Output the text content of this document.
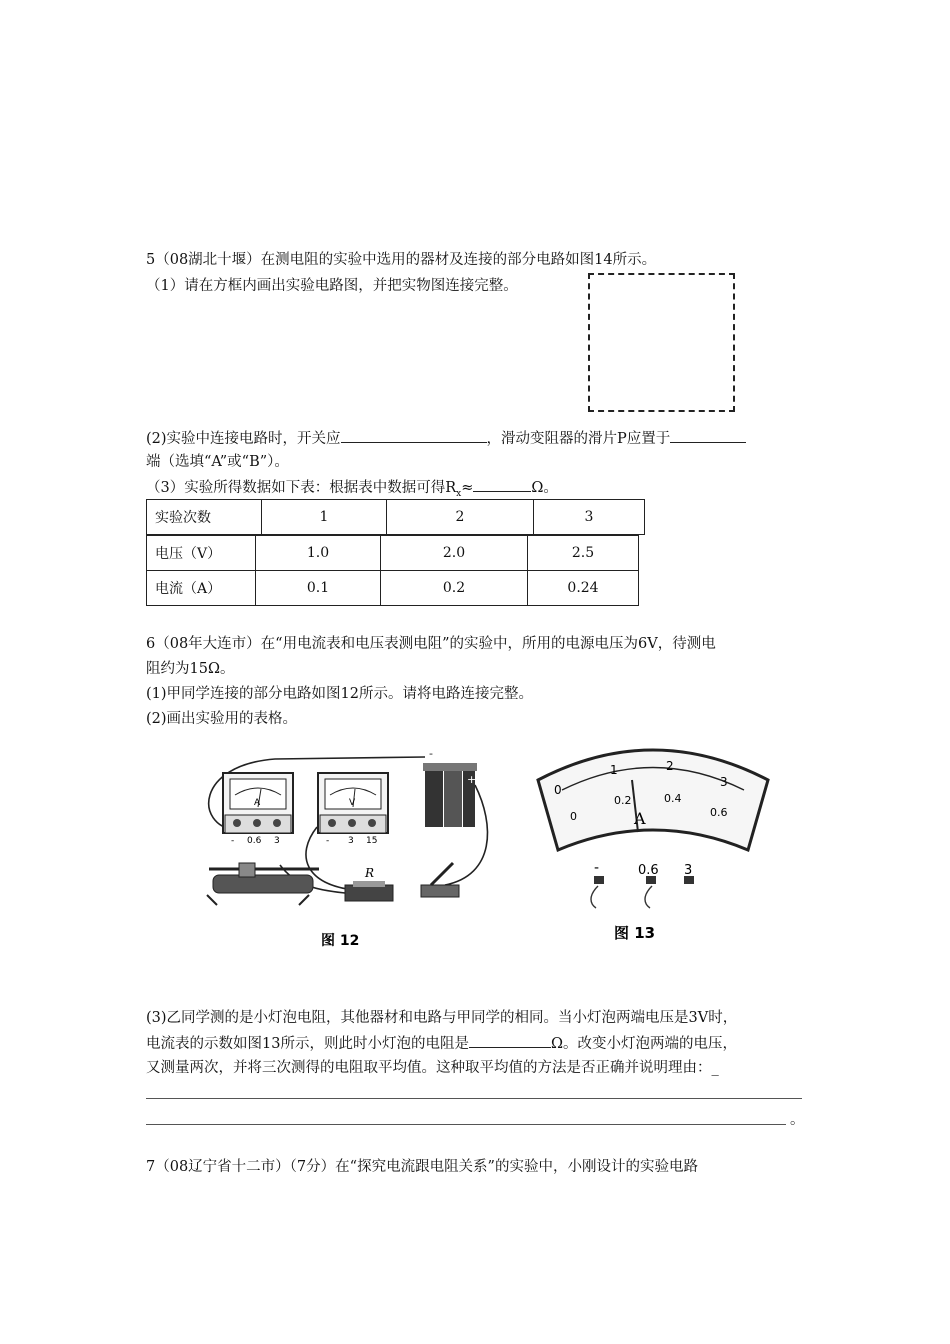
5（08湖北十堰）在测电阻的实验中选用的器材及连接的部分电路如图14所示。
（1）请在方框内画出实验电路图，并把实物图连接完整。
(2)实验中连接电路时，开关应	，滑动变阻器的滑片P应置于
端（选填“A”或“B”）。
（3）实验所得数据如下表：根据表中数据可得$R_x\approx$	Ω。
实验次数	1	2	3
电压（V）	1.0	2.0	2.5
电流（A）	0.1	0.2	0.24
6（08年大连市）在“用电流表和电压表测电阻”的实验中，所用的电源电压为6V，待测电
阻约为15Ω。
(1)甲同学连接的部分电路如图12所示。请将电路连接完整。
(2)画出实验用的表格。
A
- 0.6 3
V
- 3 15
-
+
R
图 12
0
1	2
3
0
0.2	0.4
0.6
A
-	0.6 3
图 13
(3)乙同学测的是小灯泡电阻，其他器材和电路与甲同学的相同。当小灯泡两端电压是3V时，
电流表的示数如图13所示，则此时小灯泡的电阻是	Ω。改变小灯泡两端的电压，
又测量两次，并将三次测得的电阻取平均值。这种取平均值的方法是否正确并说明理由：_
。
7（08辽宁省十二市）（7分）在“探究电流跟电阻关系”的实验中，小刚设计的实验电路
